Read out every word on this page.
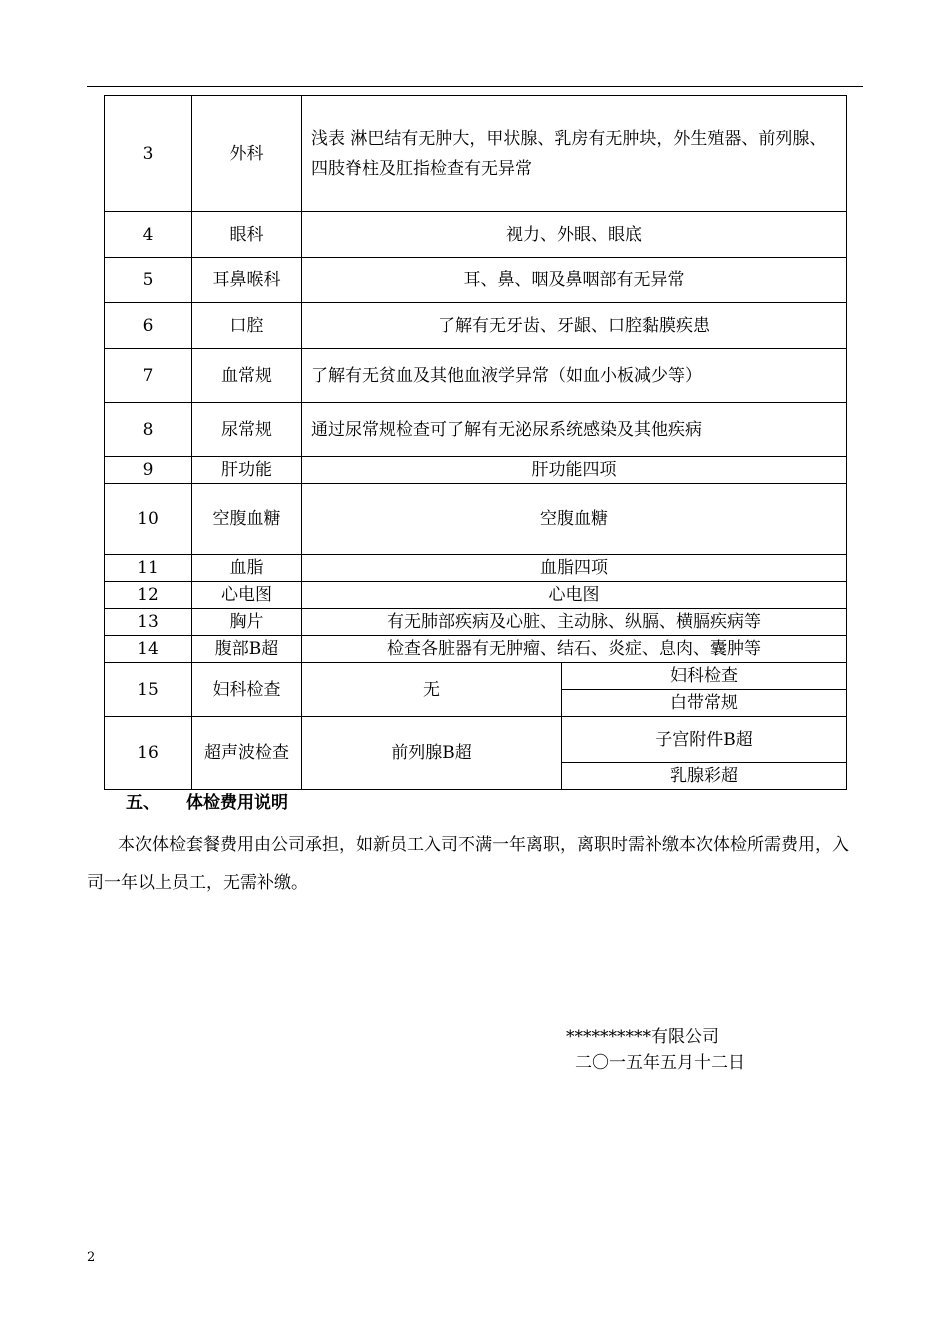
3	外科	浅表 淋巴结有无肿大，甲状腺、乳房有无肿块，外生殖器、前列腺、四肢脊柱及肛指检查有无异常	
4	眼科	视力、外眼、眼底	
5	耳鼻喉科	耳、鼻、咽及鼻咽部有无异常	
6	口腔	了解有无牙齿、牙龈、口腔黏膜疾患	
7	血常规	了解有无贫血及其他血液学异常（如血小板减少等）	
8	尿常规	通过尿常规检查可了解有无泌尿系统感染及其他疾病	
9	肝功能	肝功能四项	
10	空腹血糖	空腹血糖	
11	血脂	血脂四项	
12	心电图	心电图	
13	胸片	有无肺部疾病及心脏、主动脉、纵膈、横膈疾病等	
14	腹部B超	检查各脏器有无肿瘤、结石、炎症、息肉、囊肿等	
15	妇科检查	无	妇科检查
			白带常规
16	超声波检查	前列腺B超	子宫附件B超
			乳腺彩超
五、 体检费用说明
本次体检套餐费用由公司承担，如新员工入司不满一年离职，离职时需补缴本次体检所需费用，入司一年以上员工，无需补缴。
**********有限公司
二〇一五年五月十二日
2
